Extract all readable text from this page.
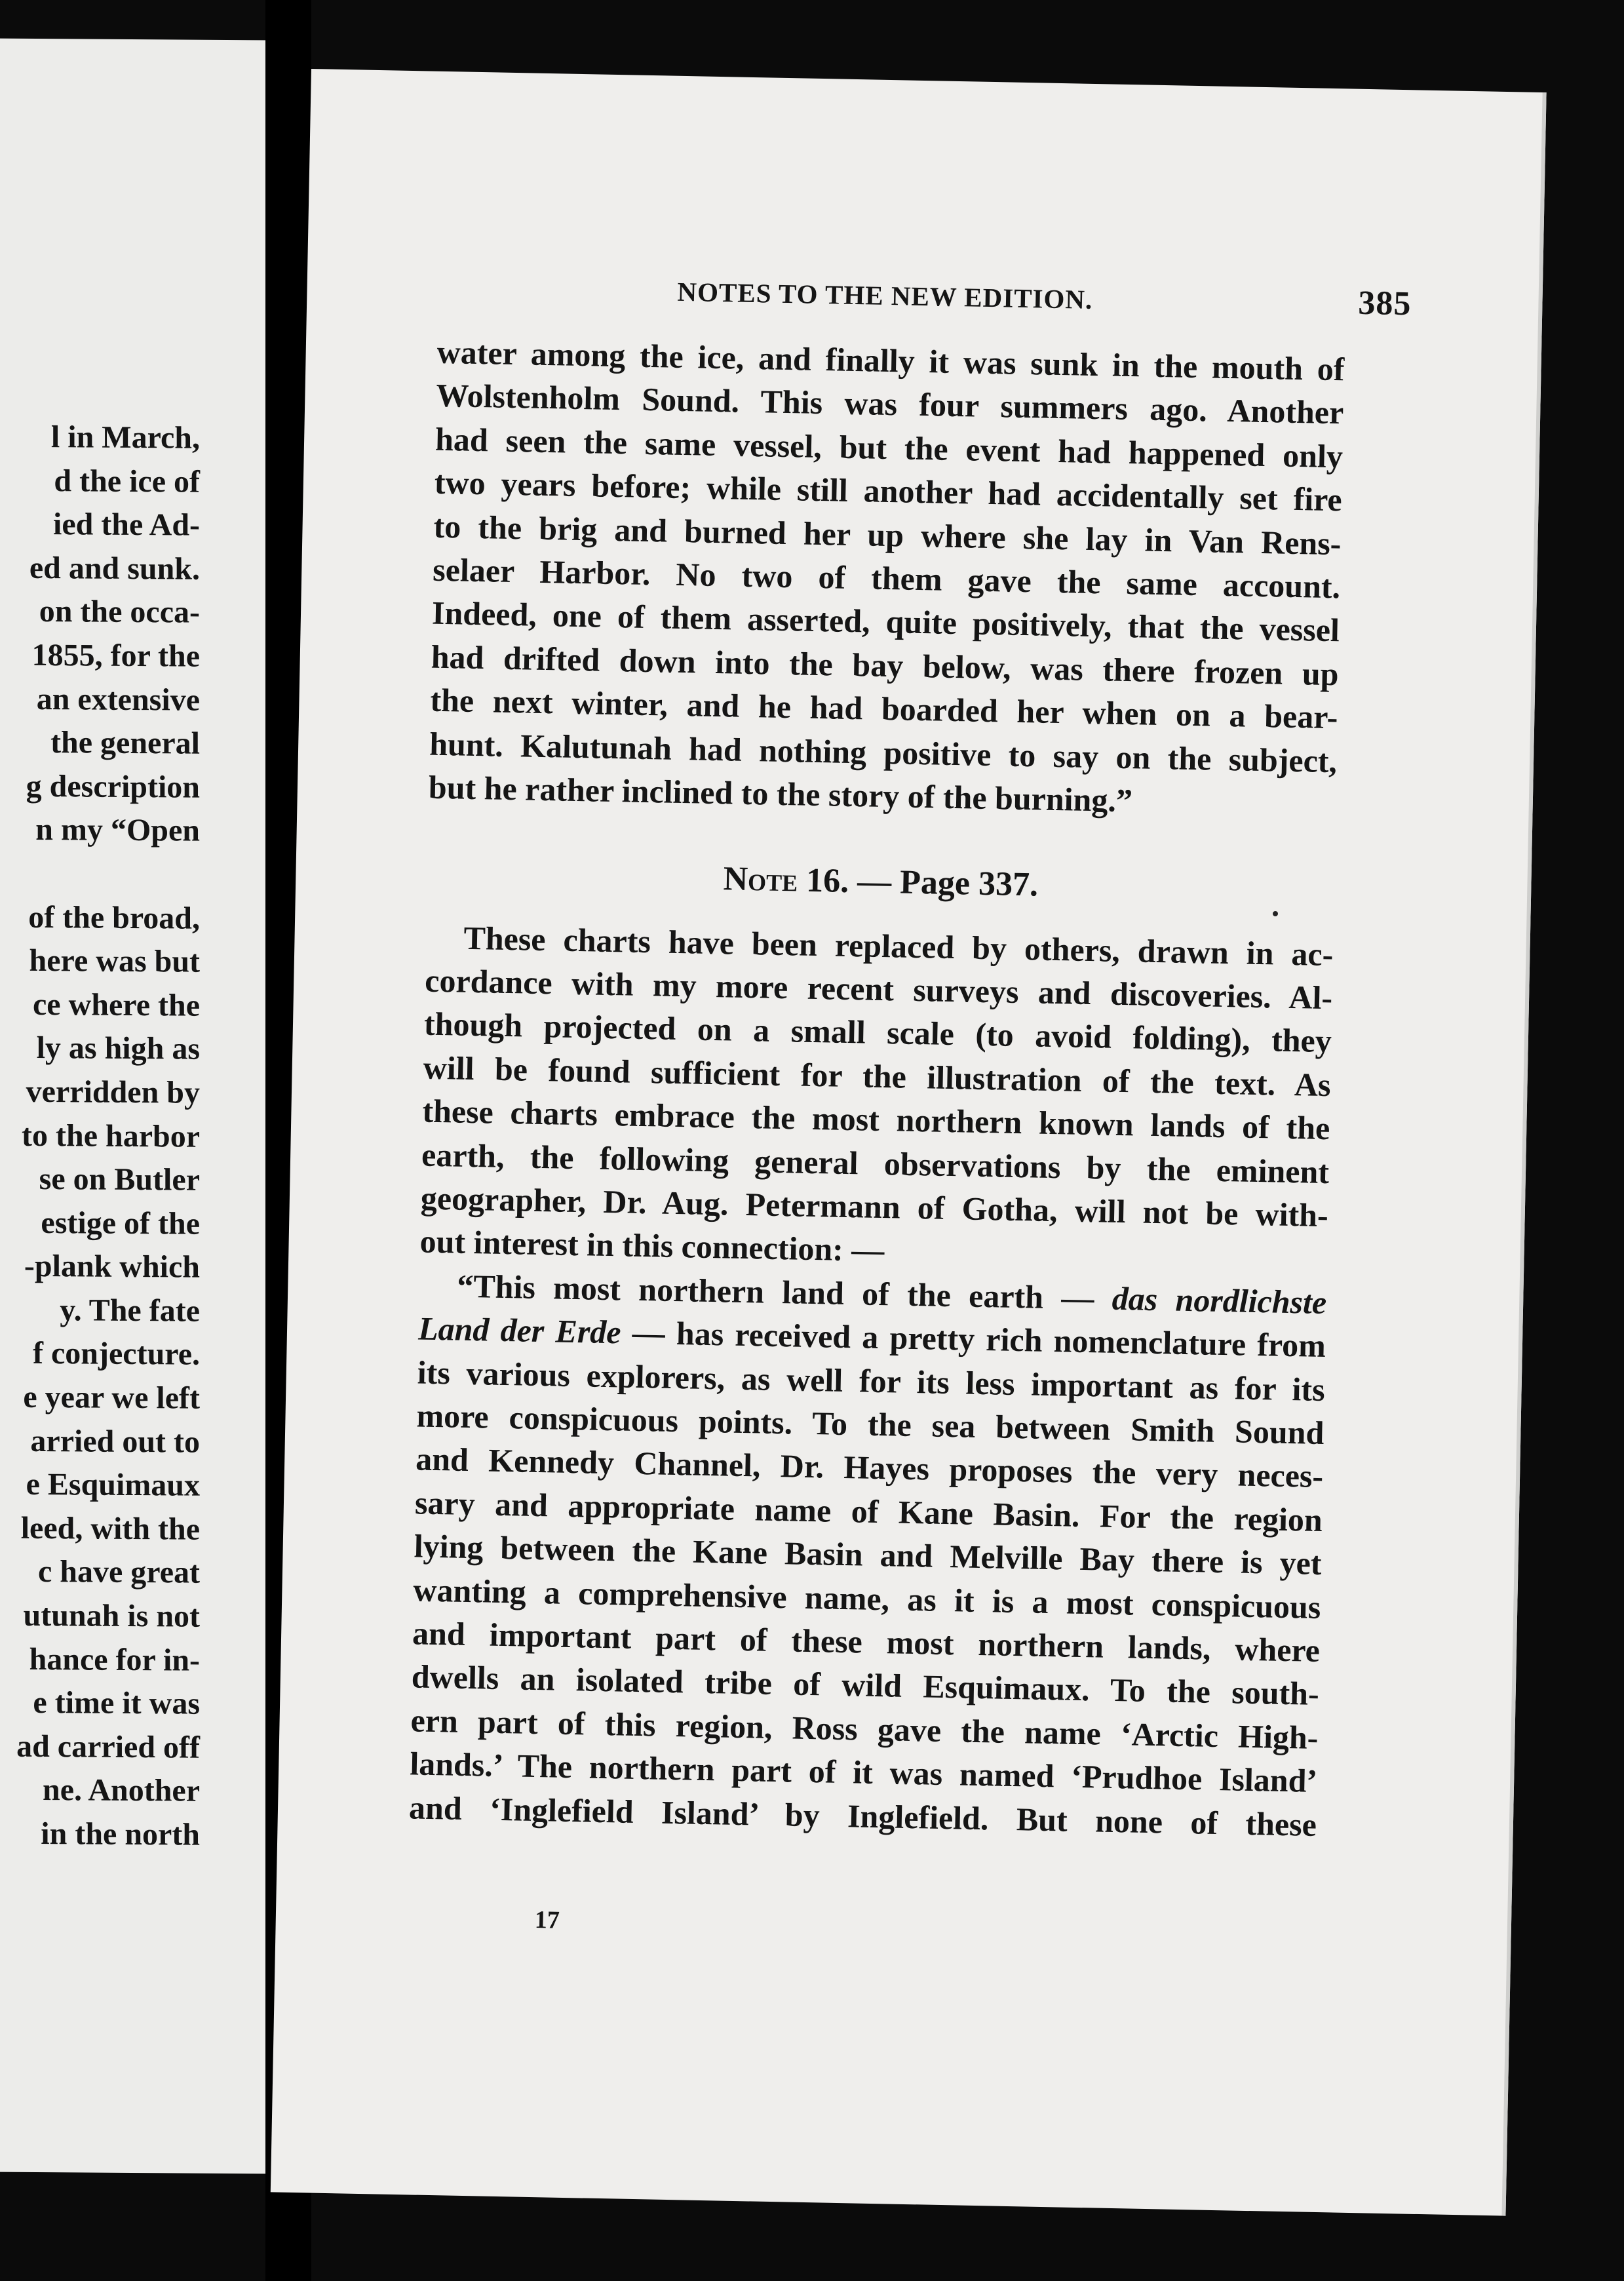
l in March,
d the ice of
ied the Ad-
ed and sunk.
on the occa-
1855, for the
an extensive
the general
g description
n my “Open
of the broad,
here was but
ce where the
ly as high as
verridden by
to the harbor
se on Butler
estige of the
-plank which
y. The fate
f conjecture.
e year we left
arried out to
e Esquimaux
leed, with the
c have great
utunah is not
hance for in-
e time it was
ad carried off
ne. Another
in the north
NOTES TO THE NEW EDITION.	385
water among the ice, and finally it was sunk in the mouth of
Wolstenholm Sound. This was four summers ago. Another
had seen the same vessel, but the event had happened only
two years before; while still another had accidentally set fire
to the brig and burned her up where she lay in Van Rens-
selaer Harbor. No two of them gave the same account.
Indeed, one of them asserted, quite positively, that the vessel
had drifted down into the bay below, was there frozen up
the next winter, and he had boarded her when on a bear-
hunt. Kalutunah had nothing positive to say on the subject,
but he rather inclined to the story of the burning.”
Note 16. — Page 337.
These charts have been replaced by others, drawn in ac-
cordance with my more recent surveys and discoveries. Al-
though projected on a small scale (to avoid folding), they
will be found sufficient for the illustration of the text. As
these charts embrace the most northern known lands of the
earth, the following general observations by the eminent
geographer, Dr. Aug. Petermann of Gotha, will not be with-
out interest in this connection: —
“This most northern land of the earth — das nordlichste
Land der Erde — has received a pretty rich nomenclature from
its various explorers, as well for its less important as for its
more conspicuous points. To the sea between Smith Sound
and Kennedy Channel, Dr. Hayes proposes the very neces-
sary and appropriate name of Kane Basin. For the region
lying between the Kane Basin and Melville Bay there is yet
wanting a comprehensive name, as it is a most conspicuous
and important part of these most northern lands, where
dwells an isolated tribe of wild Esquimaux. To the south-
ern part of this region, Ross gave the name ‘Arctic High-
lands.’ The northern part of it was named ‘Prudhoe Island’
and ‘Inglefield Island’ by Inglefield. But none of these
17
